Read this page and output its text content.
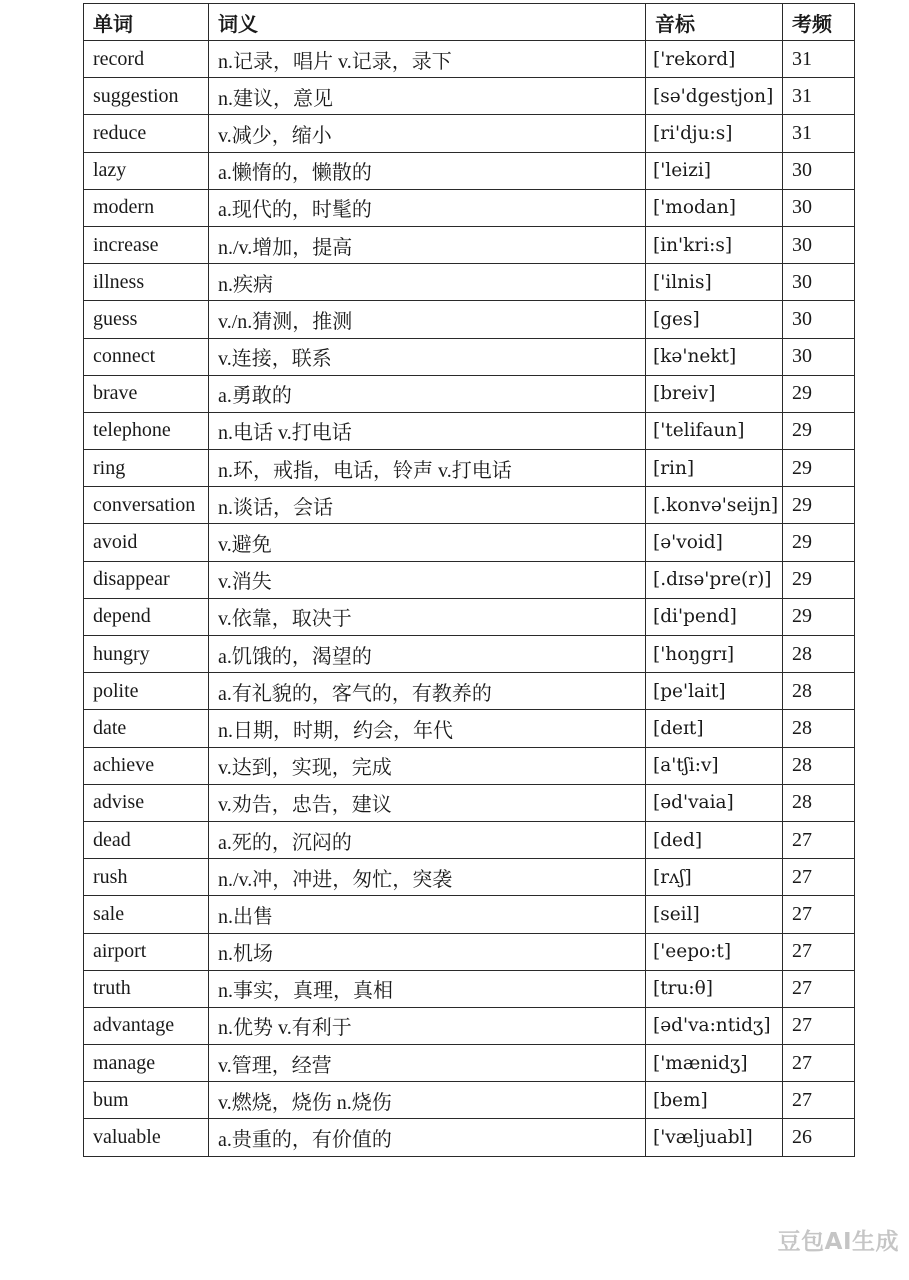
单词	词义	音标	考频
record	n.记录，唱片 v.记录，录下	['rekord]	31
suggestion	n.建议，意见	[sə'dgestjon]	31
reduce	v.减少，缩小	[ri'dju:s]	31
lazy	a.懒惰的，懒散的	['leizi]	30
modern	a.现代的，时髦的	['modan]	30
increase	n./v.增加，提高	[in'kri:s]	30
illness	n.疾病	['ilnis]	30
guess	v./n.猜测，推测	[ges]	30
connect	v.连接，联系	[kə'nekt]	30
brave	a.勇敢的	[breiv]	29
telephone	n.电话 v.打电话	['telifaun]	29
ring	n.环，戒指，电话，铃声 v.打电话	[rin]	29
conversation	n.谈话，会话	[.konvə'seijn]	29
avoid	v.避免	[ə'void]	29
disappear	v.消失	[.dɪsə'pre(r)]	29
depend	v.依靠，取决于	[di'pend]	29
hungry	a.饥饿的，渴望的	['hoŋgrɪ]	28
polite	a.有礼貌的，客气的，有教养的	[pe'lait]	28
date	n.日期，时期，约会，年代	[deɪt]	28
achieve	v.达到，实现，完成	[a'tʃi:v]	28
advise	v.劝告，忠告，建议	[əd'vaia]	28
dead	a.死的，沉闷的	[ded]	27
rush	n./v.冲，冲进，匆忙，突袭	[rʌʃ]	27
sale	n.出售	[seil]	27
airport	n.机场	['eepo:t]	27
truth	n.事实，真理，真相	[tru:θ]	27
advantage	n.优势 v.有利于	[əd'va:ntidʒ]	27
manage	v.管理，经营	['mænidʒ]	27
bum	v.燃烧，烧伤 n.烧伤	[bem]	27
valuable	a.贵重的，有价值的	['vælјuabl]	26
豆包AI生成
